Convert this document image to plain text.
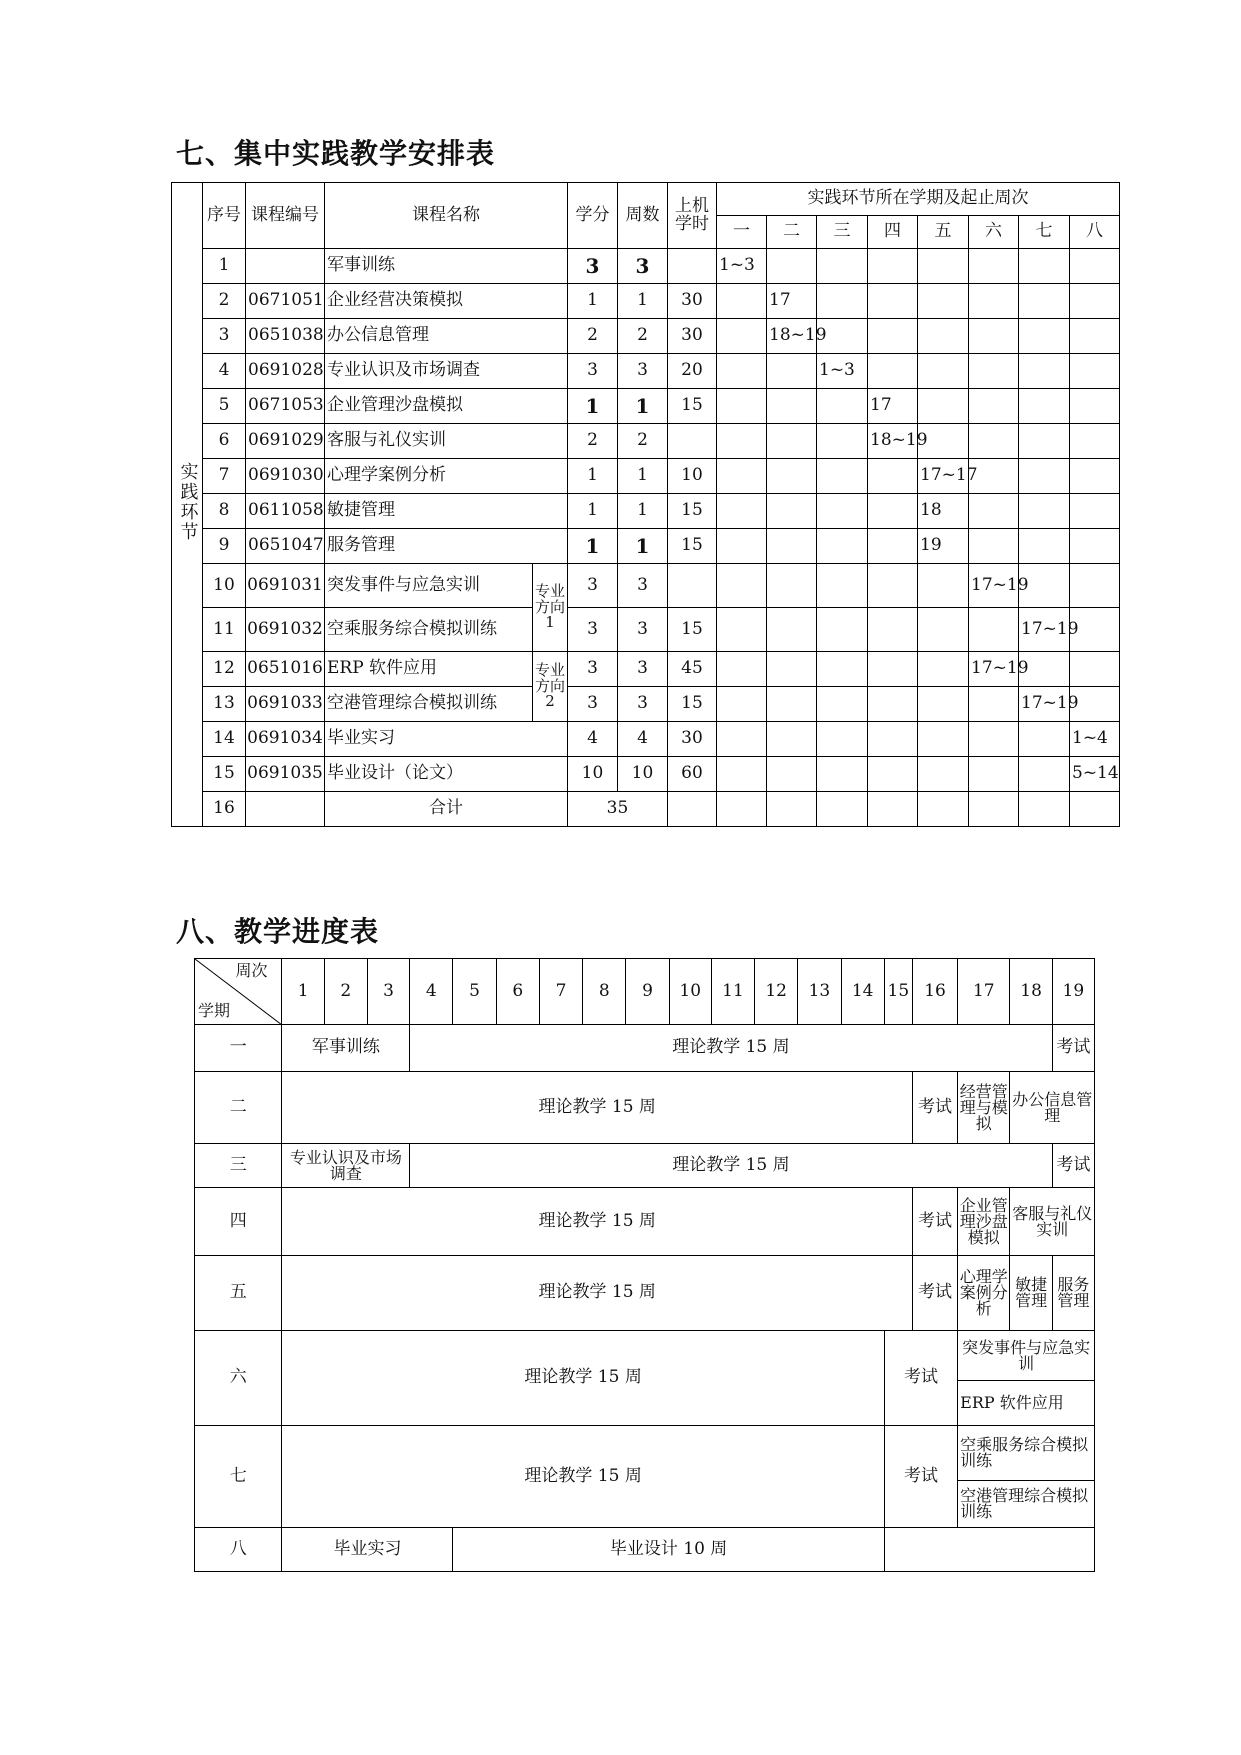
七、集中实践教学安排表
实践环节	序号	课程编号	课程名称		学分	周数	上机学时	实践环节所在学期及起止周次							
								一	二	三	四	五	六	七	八
	1		军事训练		3	3		1~3							
	2	0671051	企业经营决策模拟		1	1	30		17						
	3	0651038	办公信息管理		2	2	30		18~19						
	4	0691028	专业认识及市场调查		3	3	20			1~3					
	5	0671053	企业管理沙盘模拟		1	1	15				17				
	6	0691029	客服与礼仪实训		2	2					18~19				
	7	0691030	心理学案例分析		1	1	10					17~17			
	8	0611058	敏捷管理		1	1	15					18			
	9	0651047	服务管理		1	1	15					19			
	10	0691031	突发事件与应急实训	专业方向1	3	3							17~19		
	11	0691032	空乘服务综合模拟训练		3	3	15							17~19	
	12	0651016	ERP 软件应用	专业方向2	3	3	45						17~19		
	13	0691033	空港管理综合模拟训练		3	3	15							17~19	
	14	0691034	毕业实习		4	4	30								1~4
	15	0691035	毕业设计（论文）		10	10	60								5~14
	16		合计		35										
八、教学进度表
周次
学期	1	2	3	4	5	6	7	8	9	10	11	12	13	14	15	16	17	18	19
一	军事训练			理论教学 15 周															考试
二	理论教学 15 周															考试	经营管理与模拟	办公信息管理	
三	专业认识及市场调查			理论教学 15 周															考试
四	理论教学 15 周															考试	企业管理沙盘模拟	客服与礼仪实训	
五	理论教学 15 周															考试	心理学案例分析	敏捷管理	服务管理
六	理论教学 15 周														考试		突发事件与应急实训		
																	ERP 软件应用		
七	理论教学 15 周														考试		空乘服务综合模拟训练		
																	空港管理综合模拟训练		
八	毕业实习				毕业设计 10 周														
